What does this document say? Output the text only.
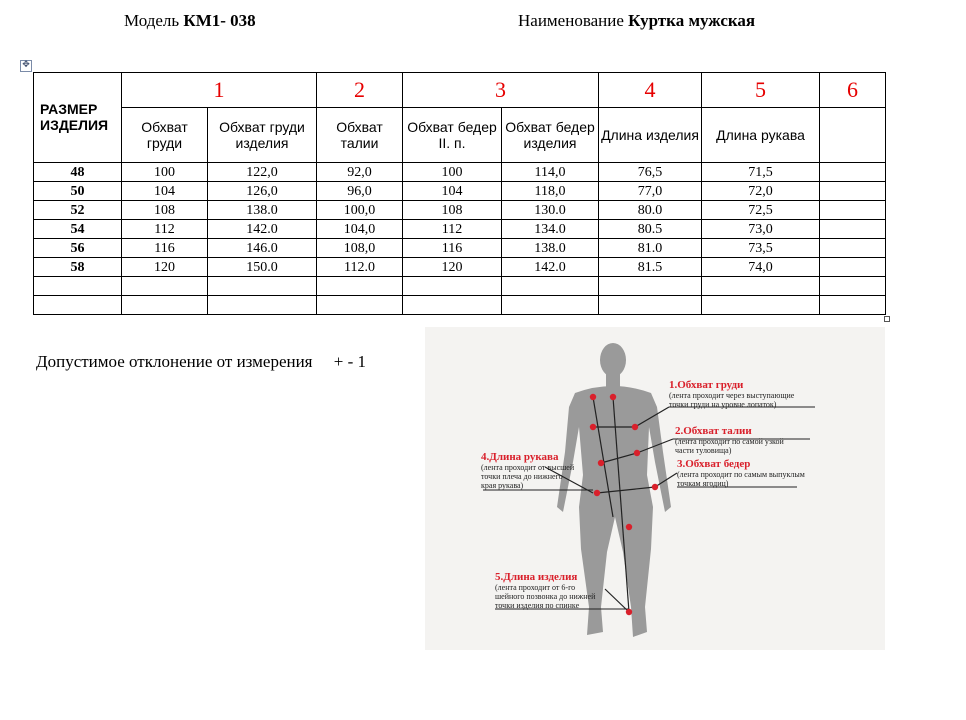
Модель КМ1- 038	Наименование Куртка мужская
✥
РАЗМЕР ИЗДЕЛИЯ	1		2	3		4	5	6
	Обхват груди	Обхват груди изделия	Обхват талии	Обхват бедер II. п.	Обхват бедер изделия	Длина изделия	Длина рукава	
48	100	122,0	92,0	100	114,0	76,5	71,5	
50	104	126,0	96,0	104	118,0	77,0	72,0	
52	108	138.0	100,0	108	130.0	80.0	72,5	
54	112	142.0	104,0	112	134.0	80.5	73,0	
56	116	146.0	108,0	116	138.0	81.0	73,5	
58	120	150.0	112.0	120	142.0	81.5	74,0	

Допустимое отклонение от измерения + - 1
1.Обхват груди
(лента проходит через выступающие
точки груди на уровне лопаток)
2.Обхват талии
(лента проходит по самой узкой
части туловища)
3.Обхват бедер
(лента проходит по самым выпуклым
точкам ягодиц)
4.Длина рукава
(лента проходит от высшей
точки плеча до нижнего
края рукава)
5.Длина изделия
(лента проходит от 6-го
шейного позвонка до нижней
точки изделия по спинке
